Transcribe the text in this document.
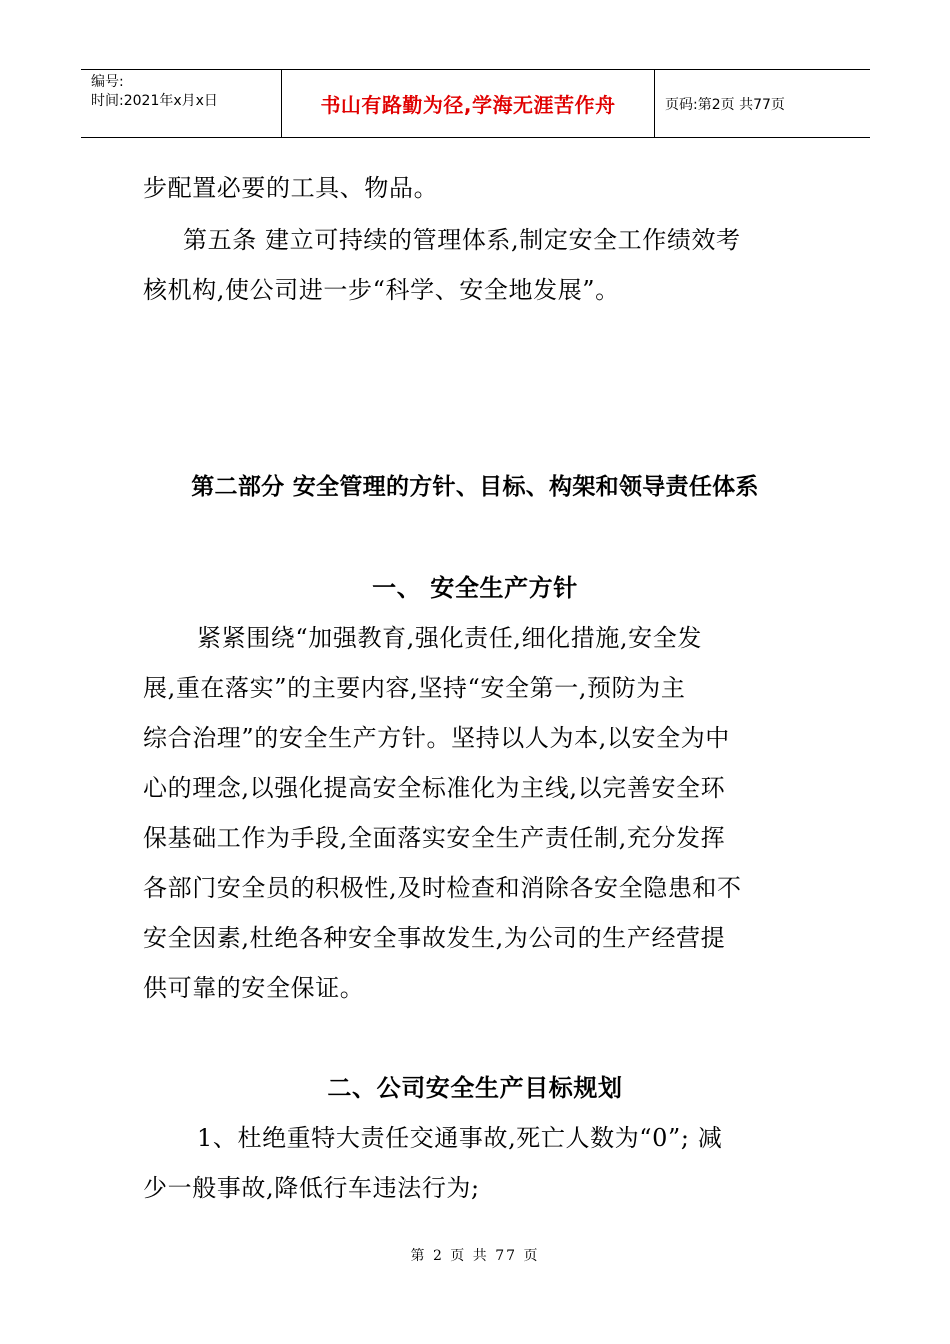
编号:
时间:2021年x月x日	书山有路勤为径,学海无涯苦作舟	页码:第2页 共77页
步配置必要的工具、物品。
第五条 建立可持续的管理体系,制定安全工作绩效考
核机构,使公司进一步“科学、安全地发展”。
第二部分 安全管理的方针、目标、构架和领导责任体系
一、 安全生产方针
紧紧围绕“加强教育,强化责任,细化措施,安全发
展,重在落实”的主要内容,坚持“安全第一,预防为主
综合治理”的安全生产方针。坚持以人为本,以安全为中
心的理念,以强化提高安全标准化为主线,以完善安全环
保基础工作为手段,全面落实安全生产责任制,充分发挥
各部门安全员的积极性,及时检查和消除各安全隐患和不
安全因素,杜绝各种安全事故发生,为公司的生产经营提
供可靠的安全保证。
二、公司安全生产目标规划
1、杜绝重特大责任交通事故,死亡人数为“0”; 减
少一般事故,降低行车违法行为;
第 2 页 共 77 页
